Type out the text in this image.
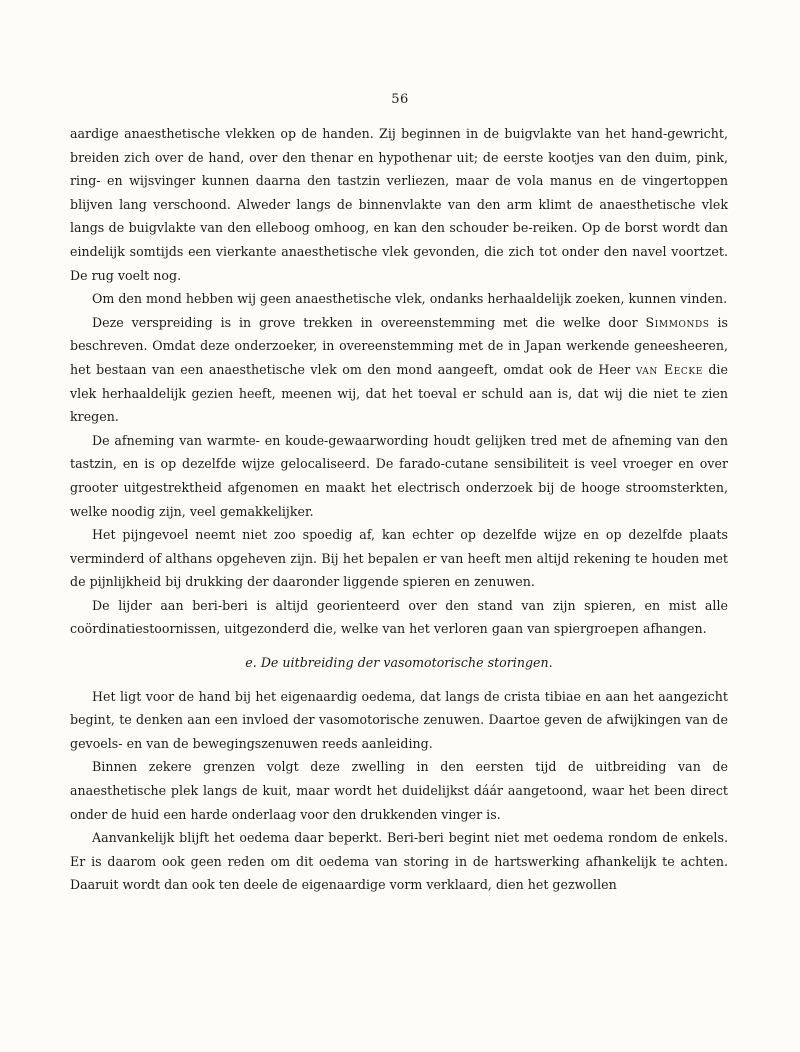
56

aardige anaesthetische vlekken op de handen. Zij beginnen in de buigvlakte van het hand-gewricht, breiden zich over de hand, over den thenar en hypothenar uit; de eerste kootjes van den duim, pink, ring- en wijsvinger kunnen daarna den tastzin verliezen, maar de vola manus en de vingertoppen blijven lang verschoond. Alweder langs de binnenvlakte van den arm klimt de anaesthetische vlek langs de buigvlakte van den elleboog omhoog, en kan den schouder be-reiken. Op de borst wordt dan eindelijk somtijds een vierkante anaesthetische vlek gevonden, die zich tot onder den navel voortzet. De rug voelt nog.

Om den mond hebben wij geen anaesthetische vlek, ondanks herhaaldelijk zoeken, kunnen vinden.

Deze verspreiding is in grove trekken in overeenstemming met die welke door Simmonds is beschreven. Omdat deze onderzoeker, in overeenstemming met de in Japan werkende geneesheeren, het bestaan van een anaesthetische vlek om den mond aangeeft, omdat ook de Heer van Eecke die vlek herhaaldelijk gezien heeft, meenen wij, dat het toeval er schuld aan is, dat wij die niet te zien kregen.

De afneming van warmte- en koude-gewaarwording houdt gelijken tred met de afneming van den tastzin, en is op dezelfde wijze gelocaliseerd. De farado-cutane sensibiliteit is veel vroeger en over grooter uitgestrektheid afgenomen en maakt het electrisch onderzoek bij de hooge stroomsterkten, welke noodig zijn, veel gemakkelijker.

Het pijngevoel neemt niet zoo spoedig af, kan echter op dezelfde wijze en op dezelfde plaats verminderd of althans opgeheven zijn. Bij het bepalen er van heeft men altijd rekening te houden met de pijnlijkheid bij drukking der daaronder liggende spieren en zenuwen.

De lijder aan beri-beri is altijd georienteerd over den stand van zijn spieren, en mist alle coördinatiestoornissen, uitgezonderd die, welke van het verloren gaan van spiergroepen afhangen.

e. De uitbreiding der vasomotorische storingen.

Het ligt voor de hand bij het eigenaardig oedema, dat langs de crista tibiae en aan het aangezicht begint, te denken aan een invloed der vasomotorische zenuwen. Daartoe geven de afwijkingen van de gevoels- en van de bewegingszenuwen reeds aanleiding.

Binnen zekere grenzen volgt deze zwelling in den eersten tijd de uitbreiding van de anaesthetische plek langs de kuit, maar wordt het duidelijkst dáár aangetoond, waar het been direct onder de huid een harde onderlaag voor den drukkenden vinger is.

Aanvankelijk blijft het oedema daar beperkt. Beri-beri begint niet met oedema rondom de enkels. Er is daarom ook geen reden om dit oedema van storing in de hartswerking afhankelijk te achten. Daaruit wordt dan ook ten deele de eigenaardige vorm verklaard, dien het gezwollen
